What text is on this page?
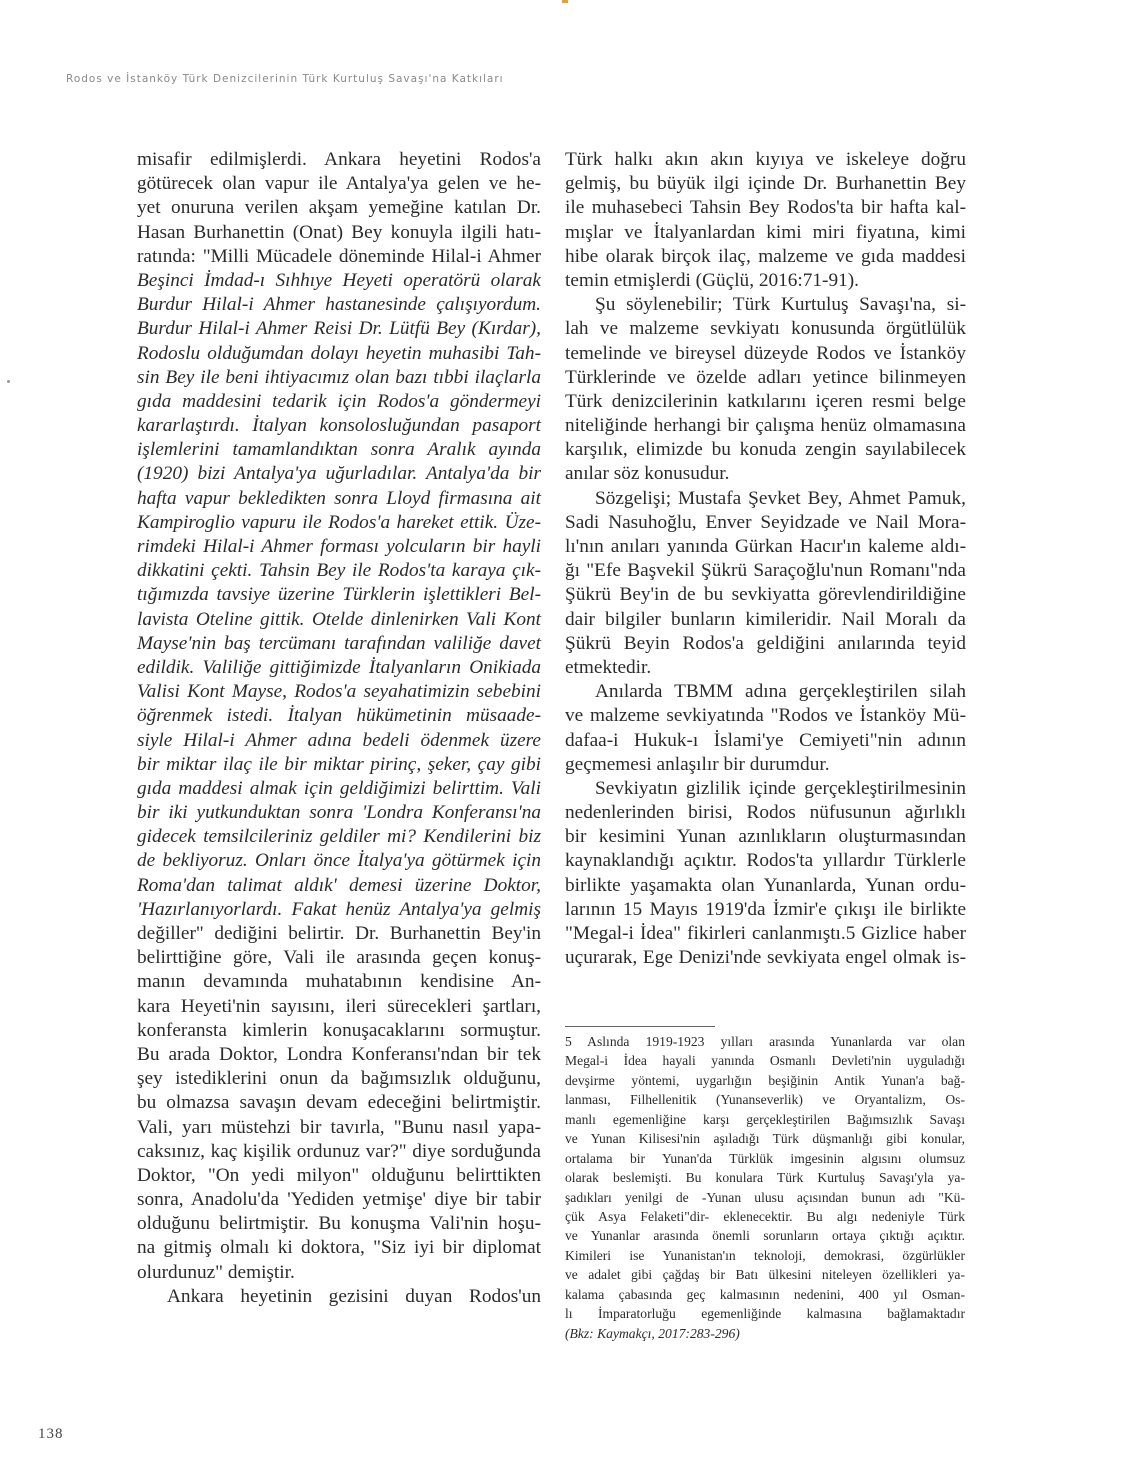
Rodos ve İstanköy Türk Denizcilerinin Türk Kurtuluş Savaşı'na Katkıları
misafir edilmişlerdi. Ankara heyetini Rodos'a
götürecek olan vapur ile Antalya'ya gelen ve he-
yet onuruna verilen akşam yemeğine katılan Dr.
Hasan Burhanettin (Onat) Bey konuyla ilgili hatı-
ratında: "Milli Mücadele döneminde Hilal-i Ahmer
Beşinci İmdad-ı Sıhhıye Heyeti operatörü olarak
Burdur Hilal-i Ahmer hastanesinde çalışıyordum.
Burdur Hilal-i Ahmer Reisi Dr. Lütfü Bey (Kırdar),
Rodoslu olduğumdan dolayı heyetin muhasibi Tah-
sin Bey ile beni ihtiyacımız olan bazı tıbbi ilaçlarla
gıda maddesini tedarik için Rodos'a göndermeyi
kararlaştırdı. İtalyan konsolosluğundan pasaport
işlemlerini tamamlandıktan sonra Aralık ayında
(1920) bizi Antalya'ya uğurladılar. Antalya'da bir
hafta vapur bekledikten sonra Lloyd firmasına ait
Kampiroglio vapuru ile Rodos'a hareket ettik. Üze-
rimdeki Hilal-i Ahmer forması yolcuların bir hayli
dikkatini çekti. Tahsin Bey ile Rodos'ta karaya çık-
tığımızda tavsiye üzerine Türklerin işlettikleri Bel-
lavista Oteline gittik. Otelde dinlenirken Vali Kont
Mayse'nin baş tercümanı tarafından valiliğe davet
edildik. Valiliğe gittiğimizde İtalyanların Onikiada
Valisi Kont Mayse, Rodos'a seyahatimizin sebebini
öğrenmek istedi. İtalyan hükümetinin müsaade-
siyle Hilal-i Ahmer adına bedeli ödenmek üzere
bir miktar ilaç ile bir miktar pirinç, şeker, çay gibi
gıda maddesi almak için geldiğimizi belirttim. Vali
bir iki yutkunduktan sonra 'Londra Konferansı'na
gidecek temsilcileriniz geldiler mi? Kendilerini biz
de bekliyoruz. Onları önce İtalya'ya götürmek için
Roma'dan talimat aldık' demesi üzerine Doktor,
'Hazırlanıyorlardı. Fakat henüz Antalya'ya gelmiş
değiller" dediğini belirtir. Dr. Burhanettin Bey'in
belirttiğine göre, Vali ile arasında geçen konuş-
manın devamında muhatabının kendisine An-
kara Heyeti'nin sayısını, ileri sürecekleri şartları,
konferansta kimlerin konuşacaklarını sormuştur.
Bu arada Doktor, Londra Konferansı'ndan bir tek
şey istediklerini onun da bağımsızlık olduğunu,
bu olmazsa savaşın devam edeceğini belirtmiştir.
Vali, yarı müstehzi bir tavırla, "Bunu nasıl yapa-
caksınız, kaç kişilik ordunuz var?" diye sorduğunda
Doktor, "On yedi milyon" olduğunu belirttikten
sonra, Anadolu'da 'Yediden yetmişe' diye bir tabir
olduğunu belirtmiştir. Bu konuşma Vali'nin hoşu-
na gitmiş olmalı ki doktora, "Siz iyi bir diplomat
olurdunuz" demiştir.
Ankara heyetinin gezisini duyan Rodos'un
Türk halkı akın akın kıyıya ve iskeleye doğru
gelmiş, bu büyük ilgi içinde Dr. Burhanettin Bey
ile muhasebeci Tahsin Bey Rodos'ta bir hafta kal-
mışlar ve İtalyanlardan kimi miri fiyatına, kimi
hibe olarak birçok ilaç, malzeme ve gıda maddesi
temin etmişlerdi (Güçlü, 2016:71-91).
Şu söylenebilir; Türk Kurtuluş Savaşı'na, si-
lah ve malzeme sevkiyatı konusunda örgütlülük
temelinde ve bireysel düzeyde Rodos ve İstanköy
Türklerinde ve özelde adları yetince bilinmeyen
Türk denizcilerinin katkılarını içeren resmi belge
niteliğinde herhangi bir çalışma henüz olmamasına
karşılık, elimizde bu konuda zengin sayılabilecek
anılar söz konusudur.
Sözgelişi; Mustafa Şevket Bey, Ahmet Pamuk,
Sadi Nasuhoğlu, Enver Seyidzade ve Nail Mora-
lı'nın anıları yanında Gürkan Hacır'ın kaleme aldı-
ğı "Efe Başvekil Şükrü Saraçoğlu'nun Romanı"nda
Şükrü Bey'in de bu sevkiyatta görevlendirildiğine
dair bilgiler bunların kimileridir. Nail Moralı da
Şükrü Beyin Rodos'a geldiğini anılarında teyid
etmektedir.
Anılarda TBMM adına gerçekleştirilen silah
ve malzeme sevkiyatında "Rodos ve İstanköy Mü-
dafaa-i Hukuk-ı İslami'ye Cemiyeti"nin adının
geçmemesi anlaşılır bir durumdur.
Sevkiyatın gizlilik içinde gerçekleştirilmesinin
nedenlerinden birisi, Rodos nüfusunun ağırlıklı
bir kesimini Yunan azınlıkların oluşturmasından
kaynaklandığı açıktır. Rodos'ta yıllardır Türklerle
birlikte yaşamakta olan Yunanlarda, Yunan ordu-
larının 15 Mayıs 1919'da İzmir'e çıkışı ile birlikte
"Megal-i İdea" fikirleri canlanmıştı.5 Gizlice haber
uçurarak, Ege Denizi'nde sevkiyata engel olmak is-
5 Aslında 1919-1923 yılları arasında Yunanlarda var olan
Megal-i İdea hayali yanında Osmanlı Devleti'nin uyguladığı
devşirme yöntemi, uygarlığın beşiğinin Antik Yunan'a bağ-
lanması, Filhellenitik (Yunanseverlik) ve Oryantalizm, Os-
manlı egemenliğine karşı gerçekleştirilen Bağımsızlık Savaşı
ve Yunan Kilisesi'nin aşıladığı Türk düşmanlığı gibi konular,
ortalama bir Yunan'da Türklük imgesinin algısını olumsuz
olarak beslemişti. Bu konulara Türk Kurtuluş Savaşı'yla ya-
şadıkları yenilgi de -Yunan ulusu açısından bunun adı "Kü-
çük Asya Felaketi"dir- eklenecektir. Bu algı nedeniyle Türk
ve Yunanlar arasında önemli sorunların ortaya çıktığı açıktır.
Kimileri ise Yunanistan'ın teknoloji, demokrasi, özgürlükler
ve adalet gibi çağdaş bir Batı ülkesini niteleyen özellikleri ya-
kalama çabasında geç kalmasının nedenini, 400 yıl Osman-
lı İmparatorluğu egemenliğinde kalmasına bağlamaktadır
(Bkz: Kaymakçı, 2017:283-296)
138
